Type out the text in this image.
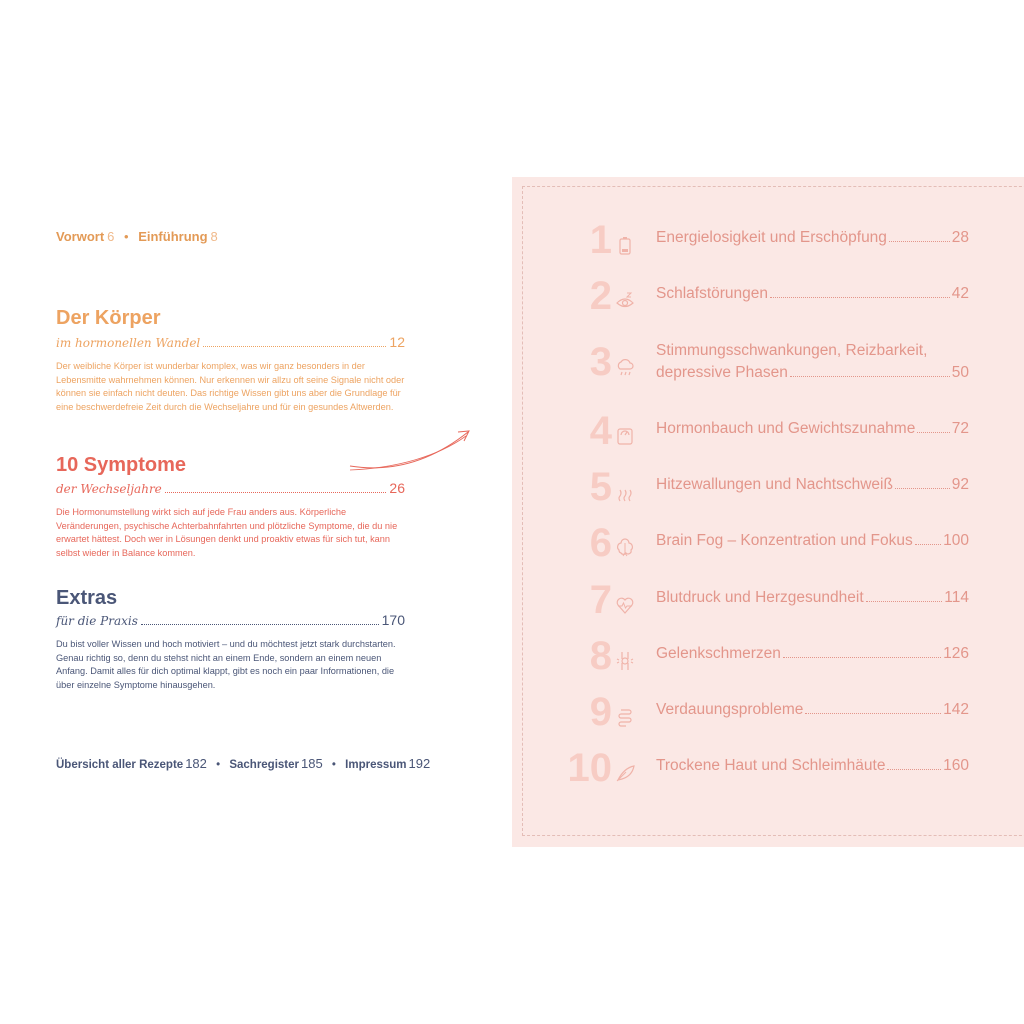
Vorwort 6 • Einführung 8
Der Körper
im hormonellen Wandel	12
Der weibliche Körper ist wunderbar komplex, was wir ganz besonders in der Lebensmitte wahrnehmen können. Nur erkennen wir allzu oft seine Signale nicht oder können sie einfach nicht deuten. Das richtige Wissen gibt uns aber die Grundlage für eine beschwerdefreie Zeit durch die Wechseljahre und für ein gesundes Altwerden.
10 Symptome
der Wechseljahre	26
Die Hormonumstellung wirkt sich auf jede Frau anders aus. Körperliche Veränderungen, psychische Achterbahnfahrten und plötzliche Symptome, die du nie erwartet hättest. Doch wer in Lösungen denkt und proaktiv etwas für sich tut, kann selbst wieder in Balance kommen.
Extras
für die Praxis	170
Du bist voller Wissen und hoch motiviert – und du möchtest jetzt stark durchstarten. Genau richtig so, denn du stehst nicht an einem Ende, sondern an einem neuen Anfang. Damit alles für dich optimal klappt, gibt es noch ein paar Informationen, die über einzelne Symptome hinausgehen.
Übersicht aller Rezepte 182 • Sachregister 185 • Impressum 192
1	Energielosigkeit und Erschöpfung	28
2	Schlafstörungen	42
3	Stimmungsschwankungen, Reizbarkeit,
depressive Phasen	50
4	Hormonbauch und Gewichtszunahme 72
5	Hitzewallungen und Nachtschweiß	92
6	Brain Fog – Konzentration und Fokus 100
7	Blutdruck und Herzgesundheit	114
8	Gelenkschmerzen	126
9	Verdauungsprobleme	142
10	Trockene Haut und Schleimhäute	160
